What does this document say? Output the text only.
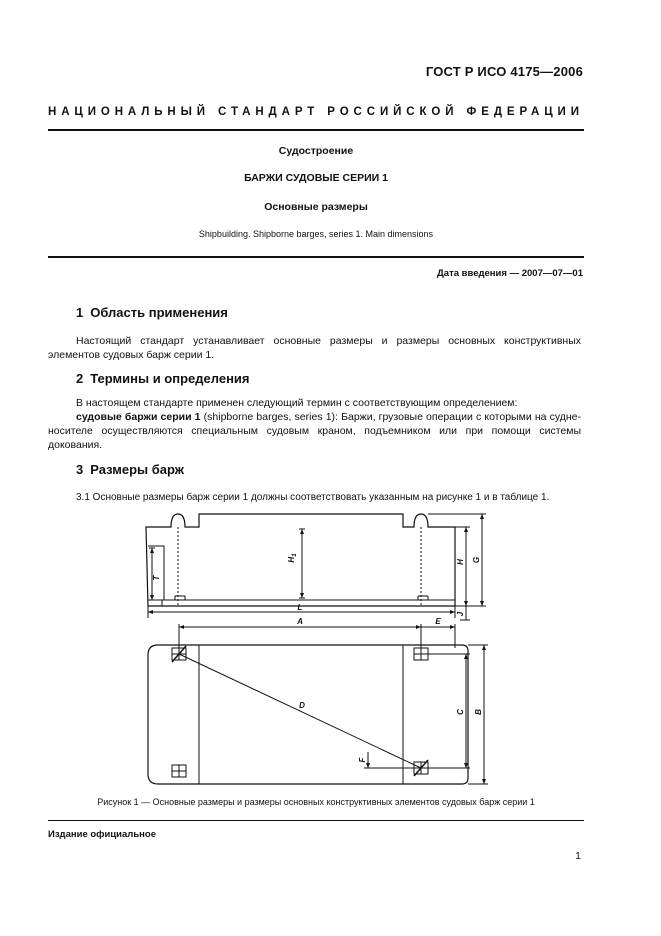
ГОСТ Р ИСО 4175—2006
НАЦИОНАЛЬНЫЙ СТАНДАРТ РОССИЙСКОЙ ФЕДЕРАЦИИ
Судостроение
БАРЖИ СУДОВЫЕ СЕРИИ 1
Основные размеры
Shipbuilding. Shipborne barges, series 1. Main dimensions
Дата введения — 2007—07—01
1 Область применения
Настоящий стандарт устанавливает основные размеры и размеры основных конструктивных элементов судовых барж серии 1.
2 Термины и определения
В настоящем стандарте применен следующий термин с соответствующим определением:
судовые баржи серии 1 (shipborne barges, series 1): Баржи, грузовые операции с которыми на судне-носителе осуществляются специальным судовым краном, подъемником или при помощи системы докования.
3 Размеры барж
3.1 Основные размеры барж серии 1 должны соответствовать указанным на рисунке 1 и в таблице 1.
T
$H_1$
H G
L
J
A	E
D
C B
F
Рисунок 1 — Основные размеры и размеры основных конструктивных элементов судовых барж серии 1
Издание официальное
1
